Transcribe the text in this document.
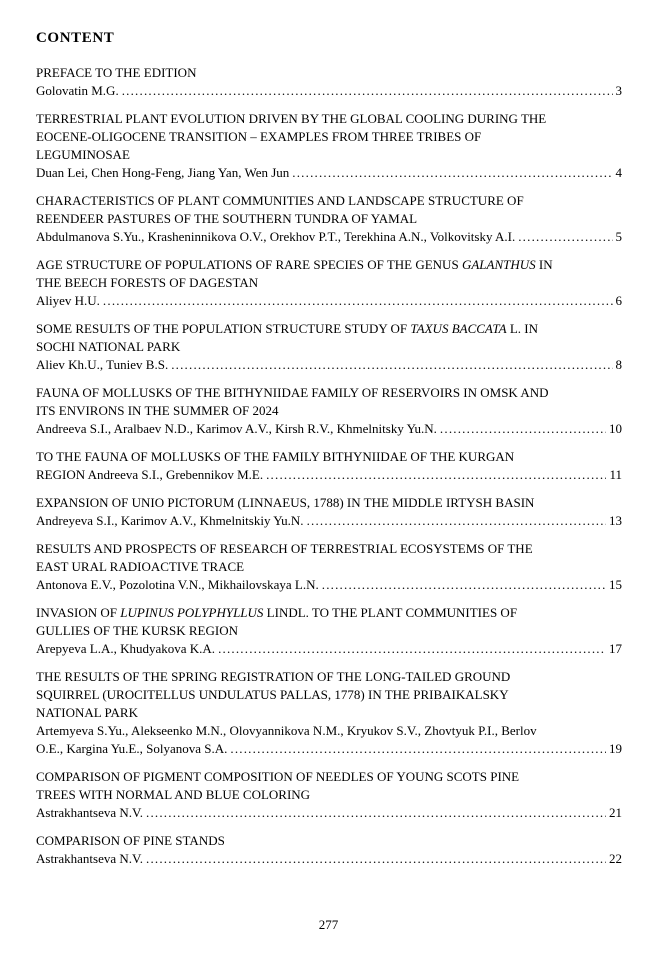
CONTENT
PREFACE TO THE EDITION
Golovatin M.G. .....	3
TERRESTRIAL PLANT EVOLUTION DRIVEN BY THE GLOBAL COOLING DURING THE
EOCENE-OLIGOCENE TRANSITION – EXAMPLES FROM THREE TRIBES OF
LEGUMINOSAE
Duan Lei, Chen Hong-Feng, Jiang Yan, Wen Jun .....	4
CHARACTERISTICS OF PLANT COMMUNITIES AND LANDSCAPE STRUCTURE OF
REENDEER PASTURES OF THE SOUTHERN TUNDRA OF YAMAL
Abdulmanova S.Yu., Krasheninnikova O.V., Orekhov P.T., Terekhina A.N., Volkovitsky A.I. .....	5
AGE STRUCTURE OF POPULATIONS OF RARE SPECIES OF THE GENUS GALANTHUS IN
THE BEECH FORESTS OF DAGESTAN
Aliyev H.U. .....	6
SOME RESULTS OF THE POPULATION STRUCTURE STUDY OF TAXUS BACCATA L. IN
SOCHI NATIONAL PARK
Aliev Kh.U., Tuniev B.S. .....	8
FAUNA OF MOLLUSKS OF THE BITHYNIIDAE FAMILY OF RESERVOIRS IN OMSK AND
ITS ENVIRONS IN THE SUMMER OF 2024
Andreeva S.I., Aralbaev N.D., Karimov A.V., Kirsh R.V., Khmelnitsky Yu.N. .....	10
TO THE FAUNA OF MOLLUSKS OF THE FAMILY BITHYNIIDAE OF THE KURGAN
REGION Andreeva S.I., Grebennikov M.E. .....	11
EXPANSION OF UNIO PICTORUM (LINNAEUS, 1788) IN THE MIDDLE IRTYSH BASIN
Andreyeva S.I., Karimov A.V., Khmelnitskiy Yu.N. .....	13
RESULTS AND PROSPECTS OF RESEARCH OF TERRESTRIAL ECOSYSTEMS OF THE
EAST URAL RADIOACTIVE TRACE
Antonova E.V., Pozolotina V.N., Mikhailovskaya L.N. .....	15
INVASION OF LUPINUS POLYPHYLLUS LINDL. TO THE PLANT COMMUNITIES OF
GULLIES OF THE KURSK REGION
Arepyeva L.A., Khudyakova K.A. .....	17
THE RESULTS OF THE SPRING REGISTRATION OF THE LONG-TAILED GROUND
SQUIRREL (UROCITELLUS UNDULATUS PALLAS, 1778) IN THE PRIBAIKALSKY
NATIONAL PARK
Artemyeva S.Yu., Alekseenko M.N., Olovyannikova N.M., Kryukov S.V., Zhovtyuk P.I., Berlov
O.E., Kargina Yu.E., Solyanova S.A. .....	19
COMPARISON OF PIGMENT COMPOSITION OF NEEDLES OF YOUNG SCOTS PINE
TREES WITH NORMAL AND BLUE COLORING
Astrakhantseva N.V. .....	21
COMPARISON OF PINE STANDS
Astrakhantseva N.V. .....	22
277
